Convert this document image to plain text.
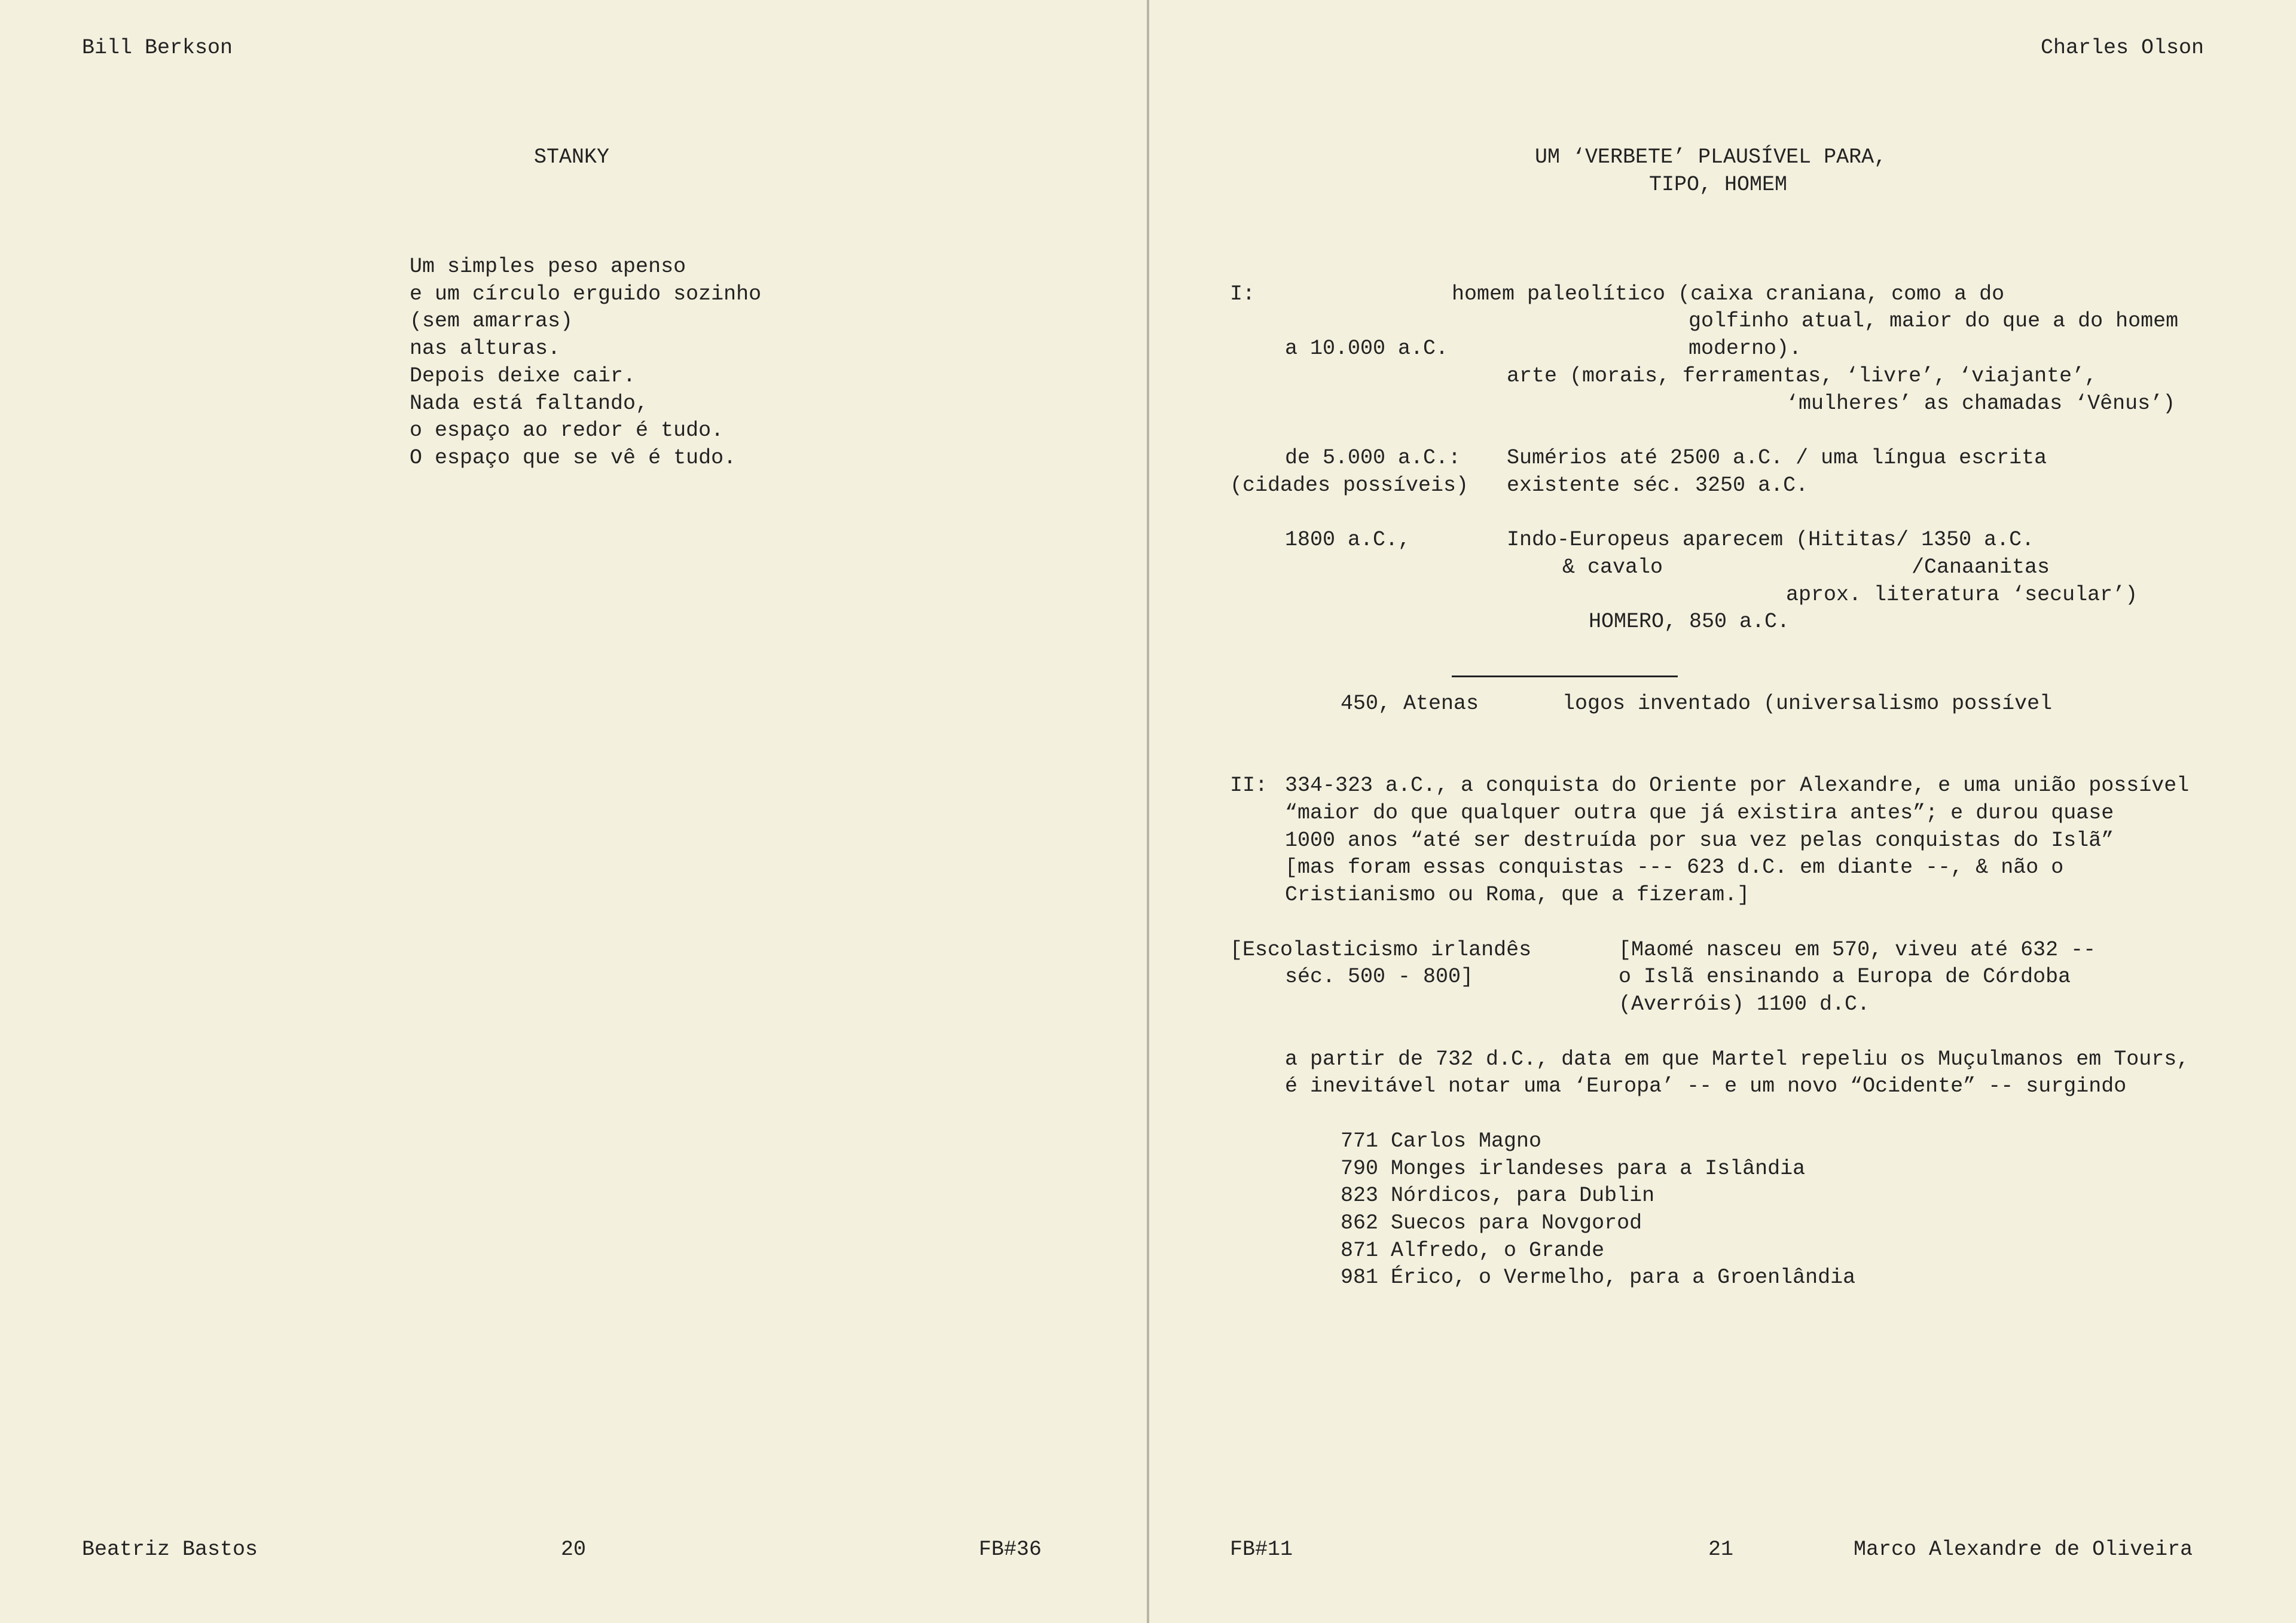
Bill Berkson
STANKY
Um simples peso apenso
e um círculo erguido sozinho
(sem amarras)
nas alturas.
Depois deixe cair.
Nada está faltando,
o espaço ao redor é tudo.
O espaço que se vê é tudo.
Beatriz Bastos	20	FB#36
Charles Olson
UM ‘VERBETE’ PLAUSÍVEL PARA,
TIPO, HOMEM
I:	homem paleolítico (caixa craniana, como a do
golfinho atual, maior do que a do homem
a 10.000 a.C.	moderno).
arte (morais, ferramentas, ‘livre’, ‘viajante’,
‘mulheres’ as chamadas ‘Vênus’)
de 5.000 a.C.: Sumérios até 2500 a.C. / uma língua escrita
(cidades possíveis) existente séc. 3250 a.C.
1800 a.C.,	Indo-Europeus aparecem (Hititas/ 1350 a.C.
& cavalo	/Canaanitas
aprox. literatura ‘secular’)
HOMERO, 850 a.C.
450, Atenas	logos inventado (universalismo possível
II: 334-323 a.C., a conquista do Oriente por Alexandre, e uma união possível
“maior do que qualquer outra que já existira antes”; e durou quase
1000 anos “até ser destruída por sua vez pelas conquistas do Islã”
[mas foram essas conquistas --- 623 d.C. em diante --, & não o
Cristianismo ou Roma, que a fizeram.]
[Escolasticismo irlandês
séc. 500 - 800]
[Maomé nasceu em 570, viveu até 632 --
o Islã ensinando a Europa de Córdoba
(Averróis) 1100 d.C.
a partir de 732 d.C., data em que Martel repeliu os Muçulmanos em Tours,
é inevitável notar uma ‘Europa’ -- e um novo “Ocidente” -- surgindo
771 Carlos Magno
790 Monges irlandeses para a Islândia
823 Nórdicos, para Dublin
862 Suecos para Novgorod
871 Alfredo, o Grande
981 Érico, o Vermelho, para a Groenlândia
FB#11	21	Marco Alexandre de Oliveira
